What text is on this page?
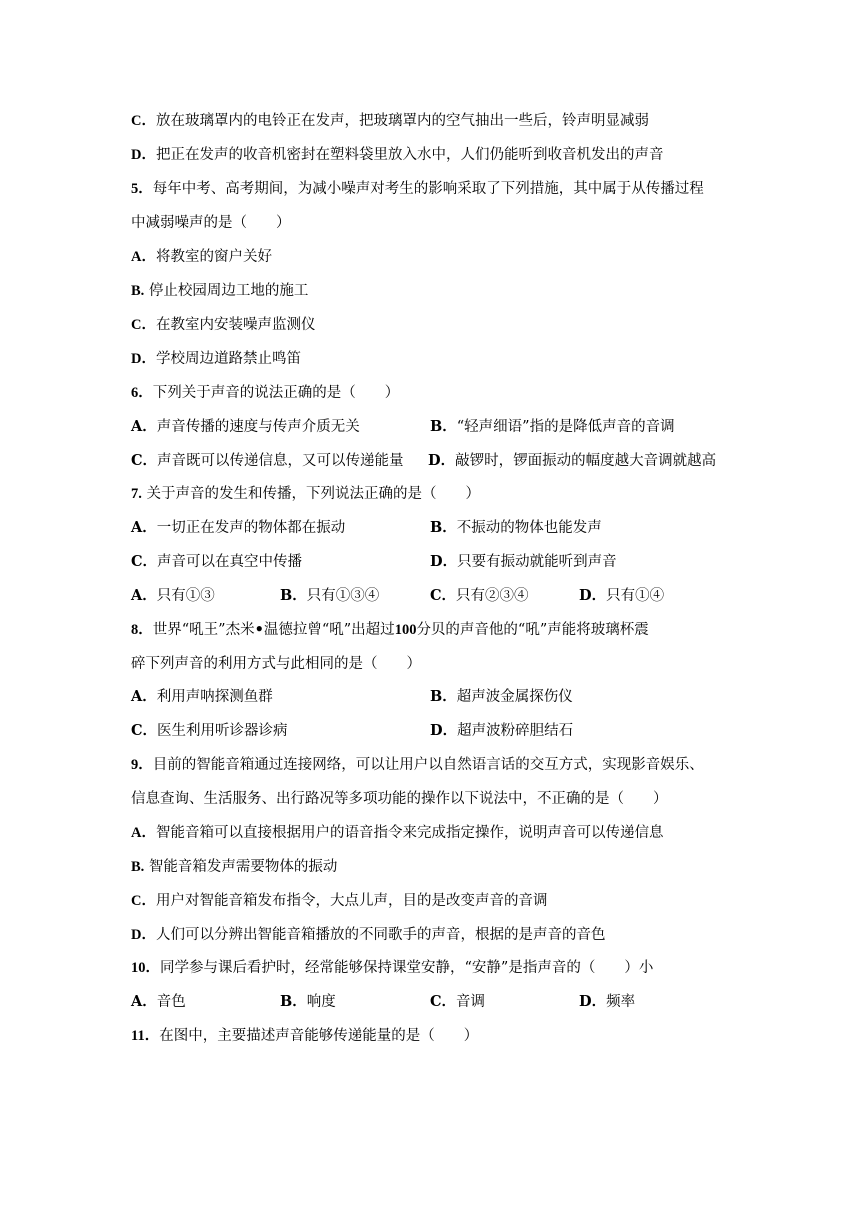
C．放在玻璃罩内的电铃正在发声，把玻璃罩内的空气抽出一些后，铃声明显减弱
D．把正在发声的收音机密封在塑料袋里放入水中，人们仍能听到收音机发出的声音
5．每年中考、高考期间，为减小噪声对考生的影响采取了下列措施，其中属于从传播过程
中减弱噪声的是（　　）
A．将教室的窗户关好
B. 停止校园周边工地的施工
C．在教室内安装噪声监测仪
D．学校周边道路禁止鸣笛
6．下列关于声音的说法正确的是（　　）
A．声音传播的速度与传声介质无关	B．“轻声细语”指的是降低声音的音调
C．声音既可以传递信息，又可以传递能量 D．敲锣时，锣面振动的幅度越大音调就越高
7. 关于声音的发生和传播，下列说法正确的是（　　）
A．一切正在发声的物体都在振动	B．不振动的物体也能发声
C．声音可以在真空中传播	D．只要有振动就能听到声音
A．只有①③	B．只有①③④	C．只有②③④	D．只有①④
8．世界“吼王”杰米•温德拉曾“吼”出超过100分贝的声音他的“吼”声能将玻璃杯震
碎下列声音的利用方式与此相同的是（　　）
A．利用声呐探测鱼群	B．超声波金属探伤仪
C．医生利用听诊器诊病	D．超声波粉碎胆结石
9．目前的智能音箱通过连接网络，可以让用户以自然语言话的交互方式，实现影音娱乐、
信息查询、生活服务、出行路况等多项功能的操作以下说法中，不正确的是（　　）
A．智能音箱可以直接根据用户的语音指令来完成指定操作，说明声音可以传递信息
B. 智能音箱发声需要物体的振动
C．用户对智能音箱发布指令，大点儿声，目的是改变声音的音调
D．人们可以分辨出智能音箱播放的不同歌手的声音，根据的是声音的音色
10．同学参与课后看护时，经常能够保持课堂安静，“安静”是指声音的（　　）小
A．音色	B．响度	C．音调	D．频率
11．在图中，主要描述声音能够传递能量的是（　　）
